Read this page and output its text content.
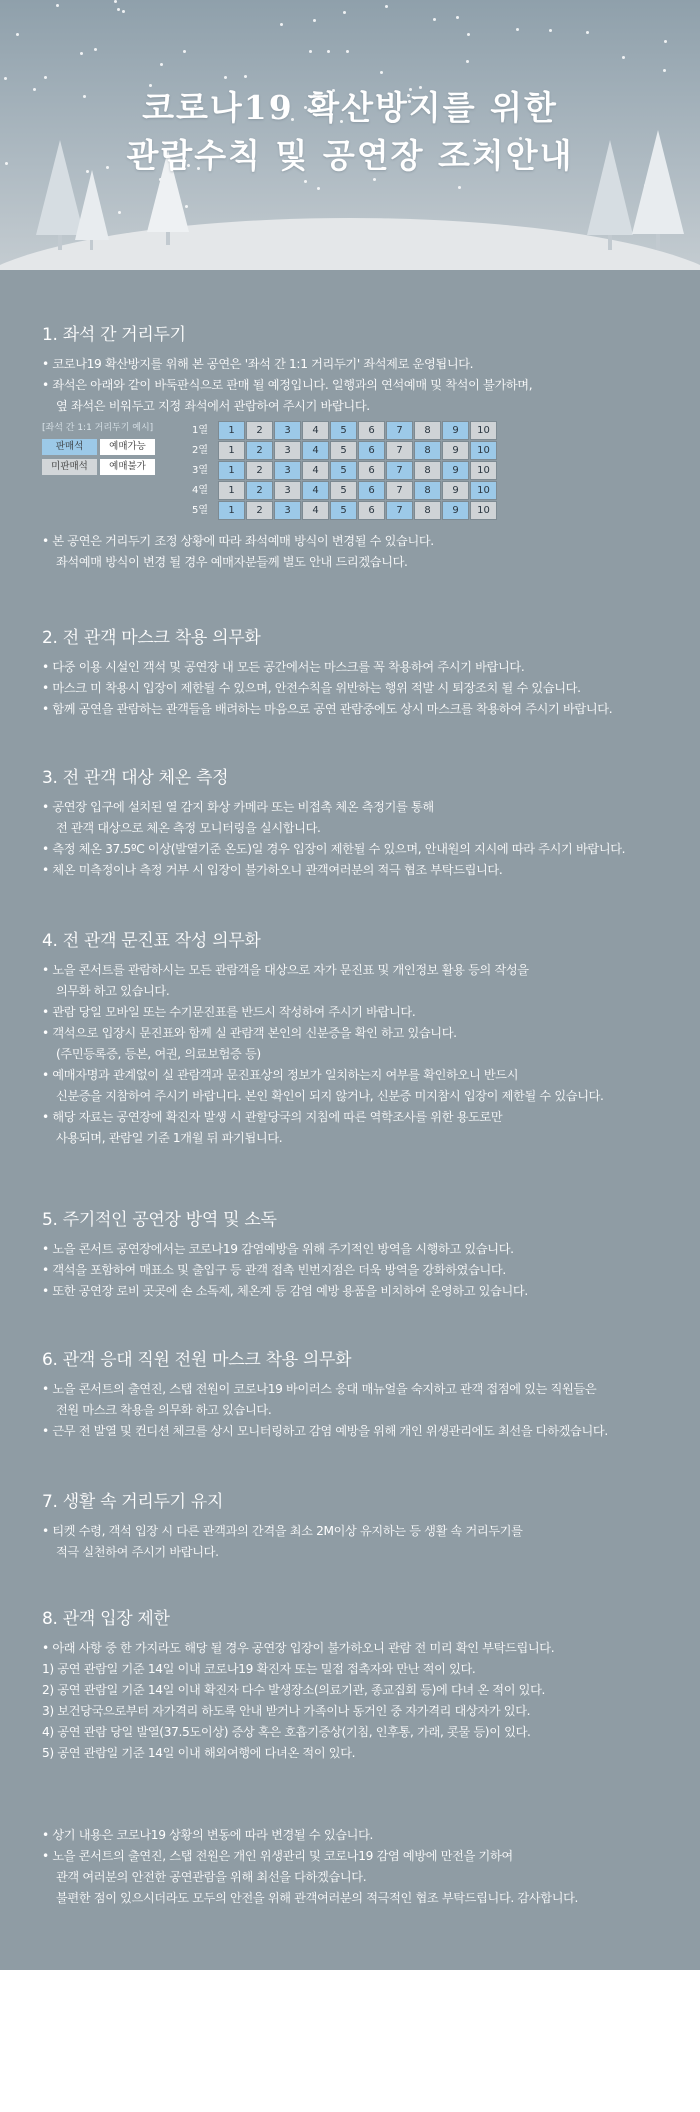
코로나19 확산방지를 위한
관람수칙 및 공연장 조치안내
1. 좌석 간 거리두기
• 코로나19 확산방지를 위해 본 공연은 '좌석 간 1:1 거리두기' 좌석제로 운영됩니다.
• 좌석은 아래와 같이 바둑판식으로 판매 될 예정입니다. 일행과의 연석예매 및 착석이 불가하며,
옆 좌석은 비워두고 지정 좌석에서 관람하여 주시기 바랍니다.
[좌석 간 1:1 거리두기 예시]
판매석	예매가능
미판매석	예매불가
1열	1	2	3	4	5	6	7	8	9	10
2열	1	2	3	4	5	6	7	8	9	10
3열	1	2	3	4	5	6	7	8	9	10
4열	1	2	3	4	5	6	7	8	9	10
5열	1	2	3	4	5	6	7	8	9	10
• 본 공연은 거리두기 조정 상황에 따라 좌석예매 방식이 변경될 수 있습니다.
좌석예매 방식이 변경 될 경우 예매자분들께 별도 안내 드리겠습니다.
2. 전 관객 마스크 착용 의무화
• 다중 이용 시설인 객석 및 공연장 내 모든 공간에서는 마스크를 꼭 착용하여 주시기 바랍니다.
• 마스크 미 착용시 입장이 제한될 수 있으며, 안전수칙을 위반하는 행위 적발 시 퇴장조치 될 수 있습니다.
• 함께 공연을 관람하는 관객들을 배려하는 마음으로 공연 관람중에도 상시 마스크를 착용하여 주시기 바랍니다.
3. 전 관객 대상 체온 측정
• 공연장 입구에 설치된 열 감지 화상 카메라 또는 비접촉 체온 측정기를 통해
전 관객 대상으로 체온 측정 모니터링을 실시합니다.
• 측정 체온 37.5ºC 이상(발열기준 온도)일 경우 입장이 제한될 수 있으며, 안내원의 지시에 따라 주시기 바랍니다.
• 체온 미측정이나 측정 거부 시 입장이 불가하오니 관객여러분의 적극 협조 부탁드립니다.
4. 전 관객 문진표 작성 의무화
• 노을 콘서트를 관람하시는 모든 관람객을 대상으로 자가 문진표 및 개인정보 활용 등의 작성을
의무화 하고 있습니다.
• 관람 당일 모바일 또는 수기문진표를 반드시 작성하여 주시기 바랍니다.
• 객석으로 입장시 문진표와 함께 실 관람객 본인의 신분증을 확인 하고 있습니다.
(주민등록증, 등본, 여권, 의료보험증 등)
• 예매자명과 관계없이 실 관람객과 문진표상의 정보가 일치하는지 여부를 확인하오니 반드시
신분증을 지참하여 주시기 바랍니다. 본인 확인이 되지 않거나, 신분증 미지참시 입장이 제한될 수 있습니다.
• 해당 자료는 공연장에 확진자 발생 시 관할당국의 지침에 따른 역학조사를 위한 용도로만
사용되며, 관람일 기준 1개월 뒤 파기됩니다.
5. 주기적인 공연장 방역 및 소독
• 노을 콘서트 공연장에서는 코로나19 감염예방을 위해 주기적인 방역을 시행하고 있습니다.
• 객석을 포함하여 매표소 및 출입구 등 관객 접촉 빈번지점은 더욱 방역을 강화하였습니다.
• 또한 공연장 로비 곳곳에 손 소독제, 체온계 등 감염 예방 용품을 비치하여 운영하고 있습니다.
6. 관객 응대 직원 전원 마스크 착용 의무화
• 노을 콘서트의 출연진, 스탭 전원이 코로나19 바이러스 응대 매뉴얼을 숙지하고 관객 접점에 있는 직원들은
전원 마스크 착용을 의무화 하고 있습니다.
• 근무 전 발열 및 컨디션 체크를 상시 모니터링하고 감염 예방을 위해 개인 위생관리에도 최선을 다하겠습니다.
7. 생활 속 거리두기 유지
• 티켓 수령, 객석 입장 시 다른 관객과의 간격을 최소 2M이상 유지하는 등 생활 속 거리두기를
적극 실천하여 주시기 바랍니다.
8. 관객 입장 제한
• 아래 사항 중 한 가지라도 해당 될 경우 공연장 입장이 불가하오니 관람 전 미리 확인 부탁드립니다.
1) 공연 관람일 기준 14일 이내 코로나19 확진자 또는 밀접 접촉자와 만난 적이 있다.
2) 공연 관람일 기준 14일 이내 확진자 다수 발생장소(의료기관, 종교집회 등)에 다녀 온 적이 있다.
3) 보건당국으로부터 자가격리 하도록 안내 받거나 가족이나 동거인 중 자가격리 대상자가 있다.
4) 공연 관람 당일 발열(37.5도이상) 증상 혹은 호흡기증상(기침, 인후통, 가래, 콧물 등)이 있다.
5) 공연 관람일 기준 14일 이내 해외여행에 다녀온 적이 있다.
• 상기 내용은 코로나19 상황의 변동에 따라 변경될 수 있습니다.
• 노을 콘서트의 출연진, 스탭 전원은 개인 위생관리 및 코로나19 감염 예방에 만전을 기하여
관객 여러분의 안전한 공연관람을 위해 최선을 다하겠습니다.
불편한 점이 있으시더라도 모두의 안전을 위해 관객여러분의 적극적인 협조 부탁드립니다. 감사합니다.
